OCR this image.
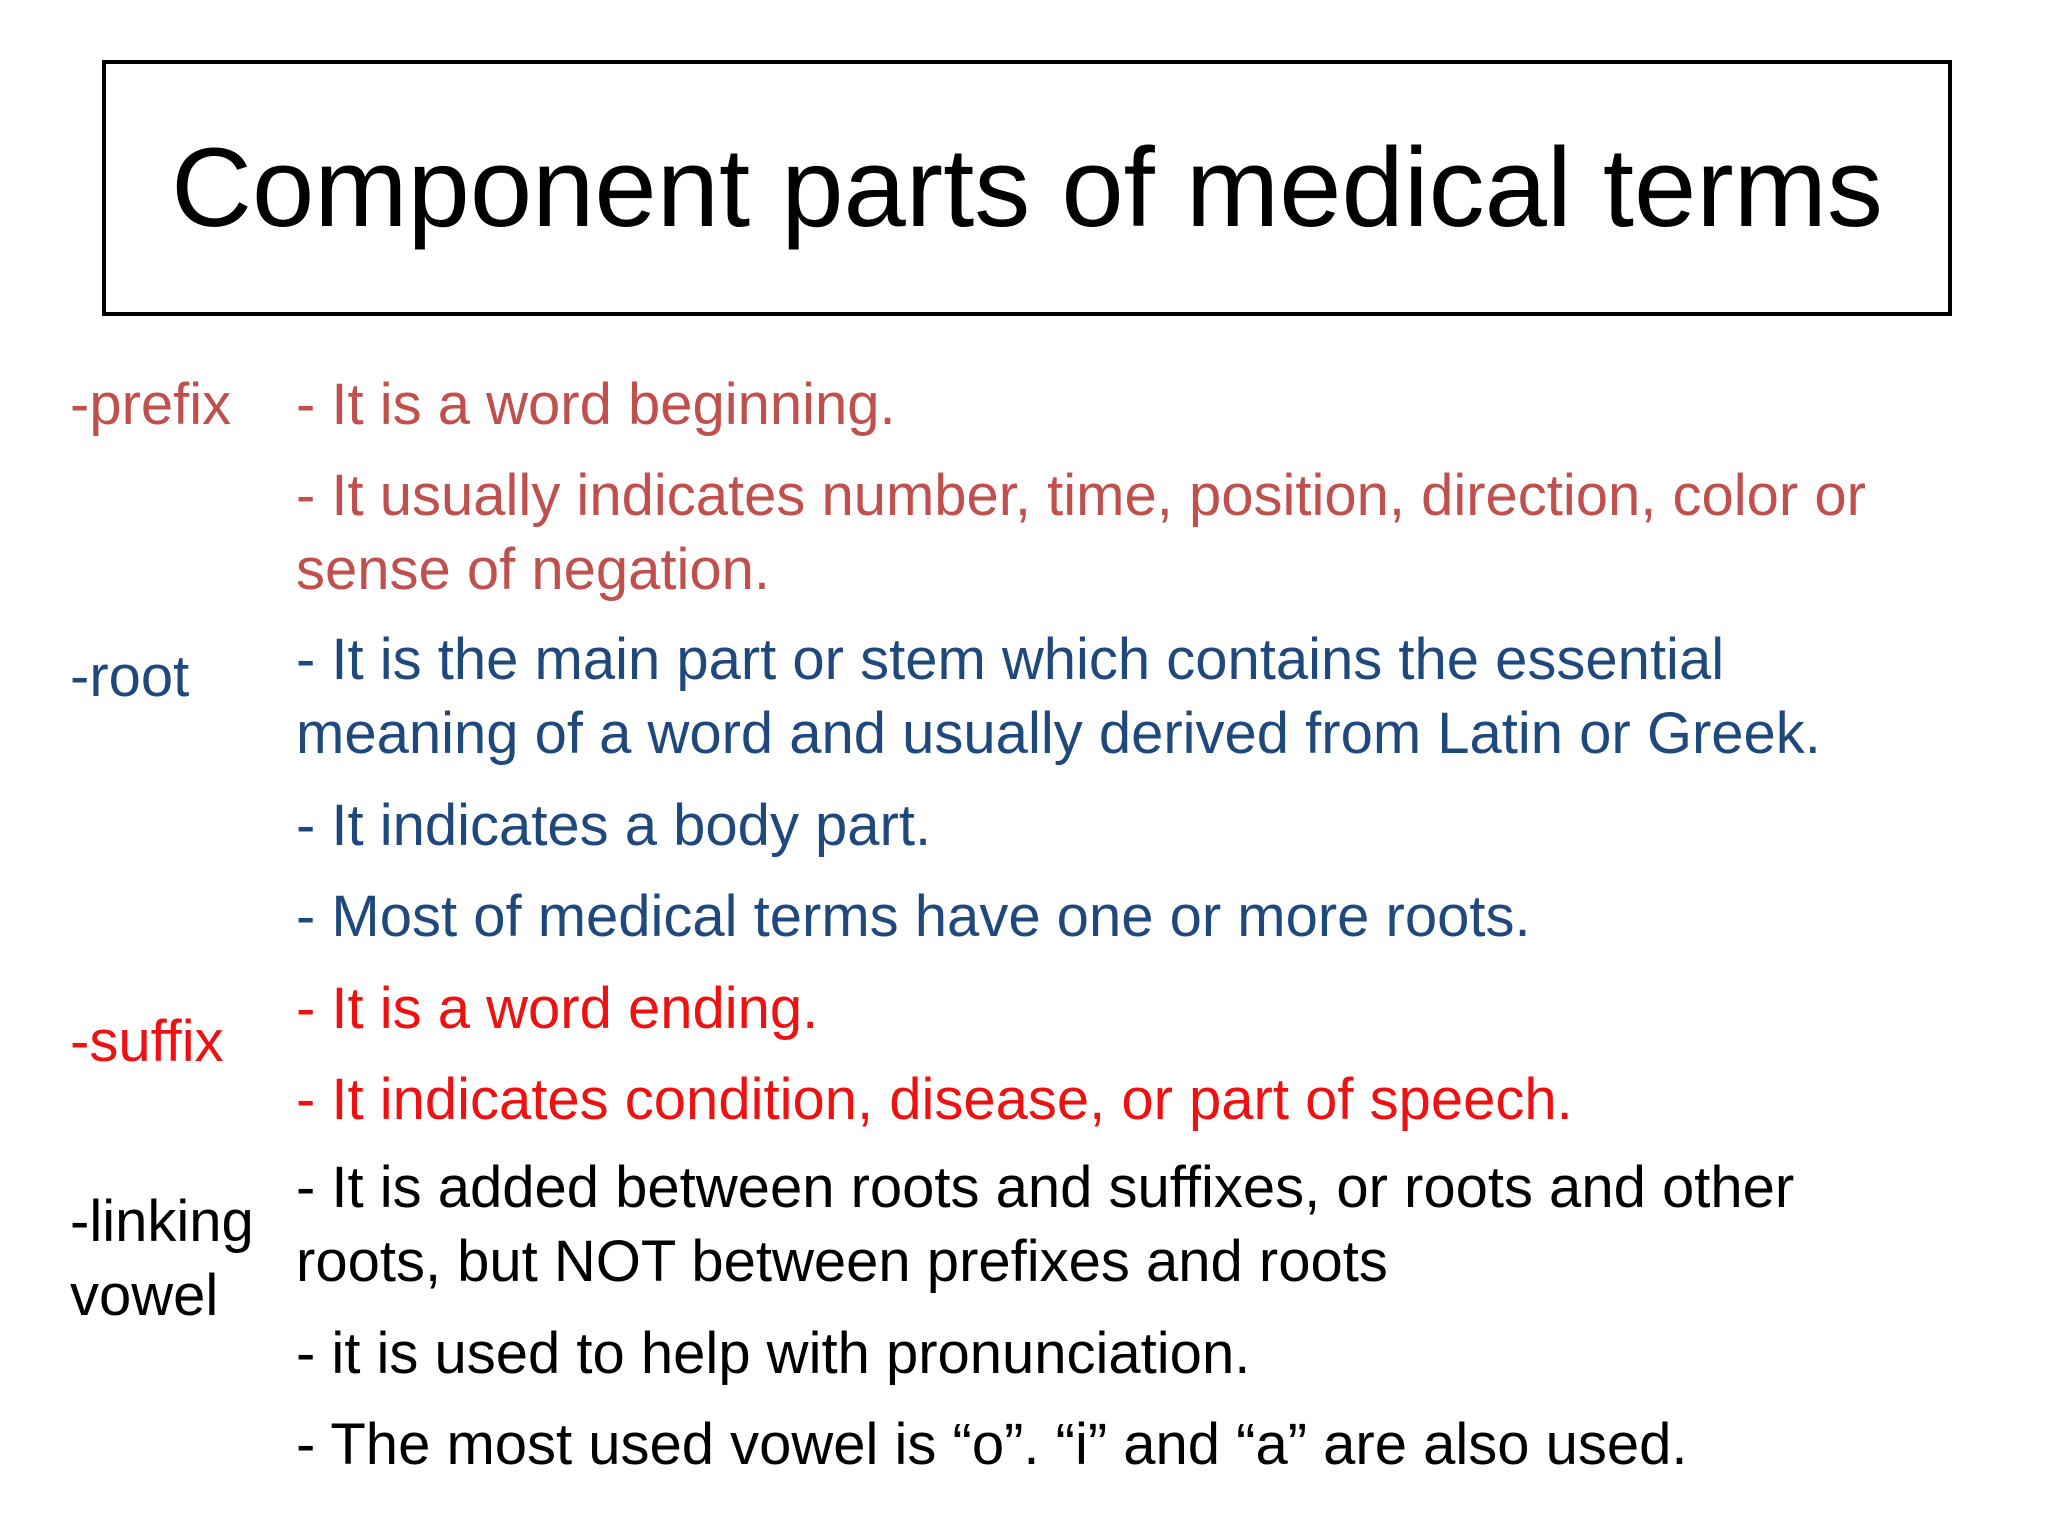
Component parts of medical terms
-prefix - It is a word beginning.
- It usually indicates number, time, position, direction, color or
sense of negation.
-root - It is the main part or stem which contains the essential
meaning of a word and usually derived from Latin or Greek.
- It indicates a body part.
- Most of medical terms have one or more roots.
-suffix
- It is a word ending.
- It indicates condition, disease, or part of speech.
-linking
vowel
- It is added between roots and suffixes, or roots and other
roots, but NOT between prefixes and roots
- it is used to help with pronunciation.
- The most used vowel is “o”. “i” and “a” are also used.
